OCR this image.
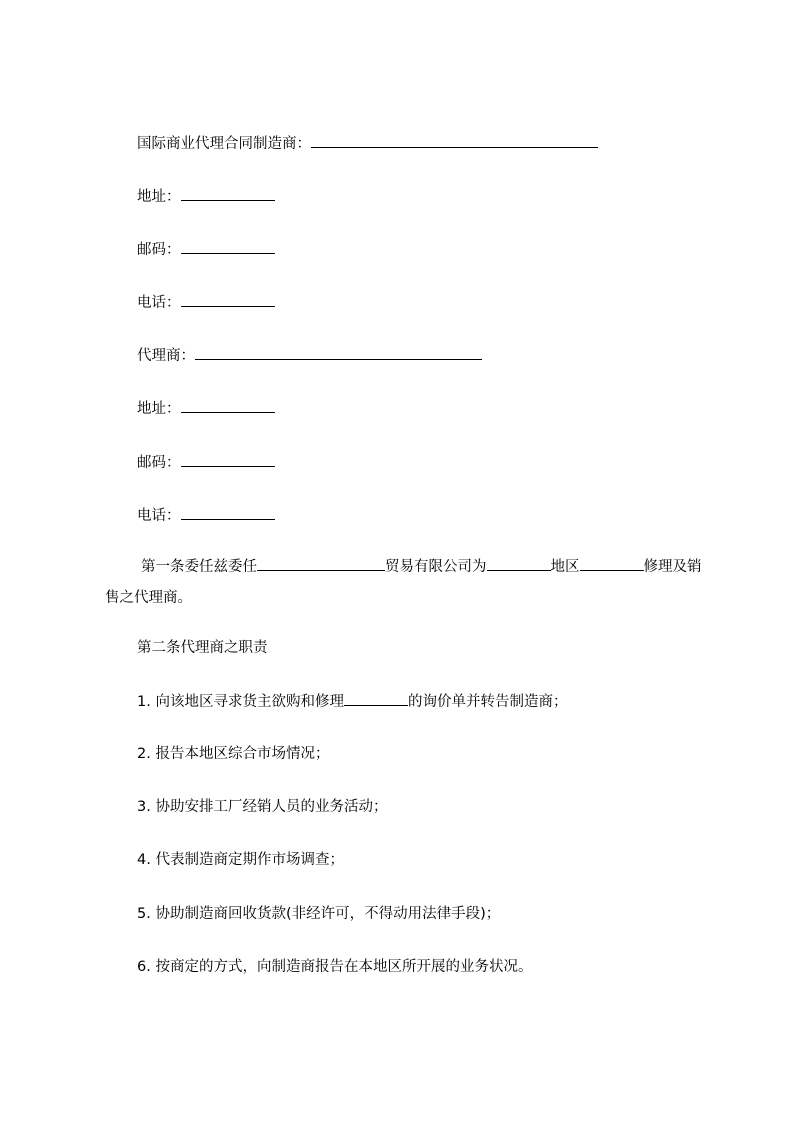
国际商业代理合同制造商：
地址：
邮码：
电话：
代理商：
地址：
邮码：
电话：
第一条委任兹委任	贸易有限公司为	地区	修理及销售之代理商。
第二条代理商之职责
1. 向该地区寻求货主欲购和修理	的询价单并转告制造商；
2. 报告本地区综合市场情况；
3. 协助安排工厂经销人员的业务活动；
4. 代表制造商定期作市场调查；
5. 协助制造商回收货款(非经许可，不得动用法律手段)；
6. 按商定的方式，向制造商报告在本地区所开展的业务状况。
